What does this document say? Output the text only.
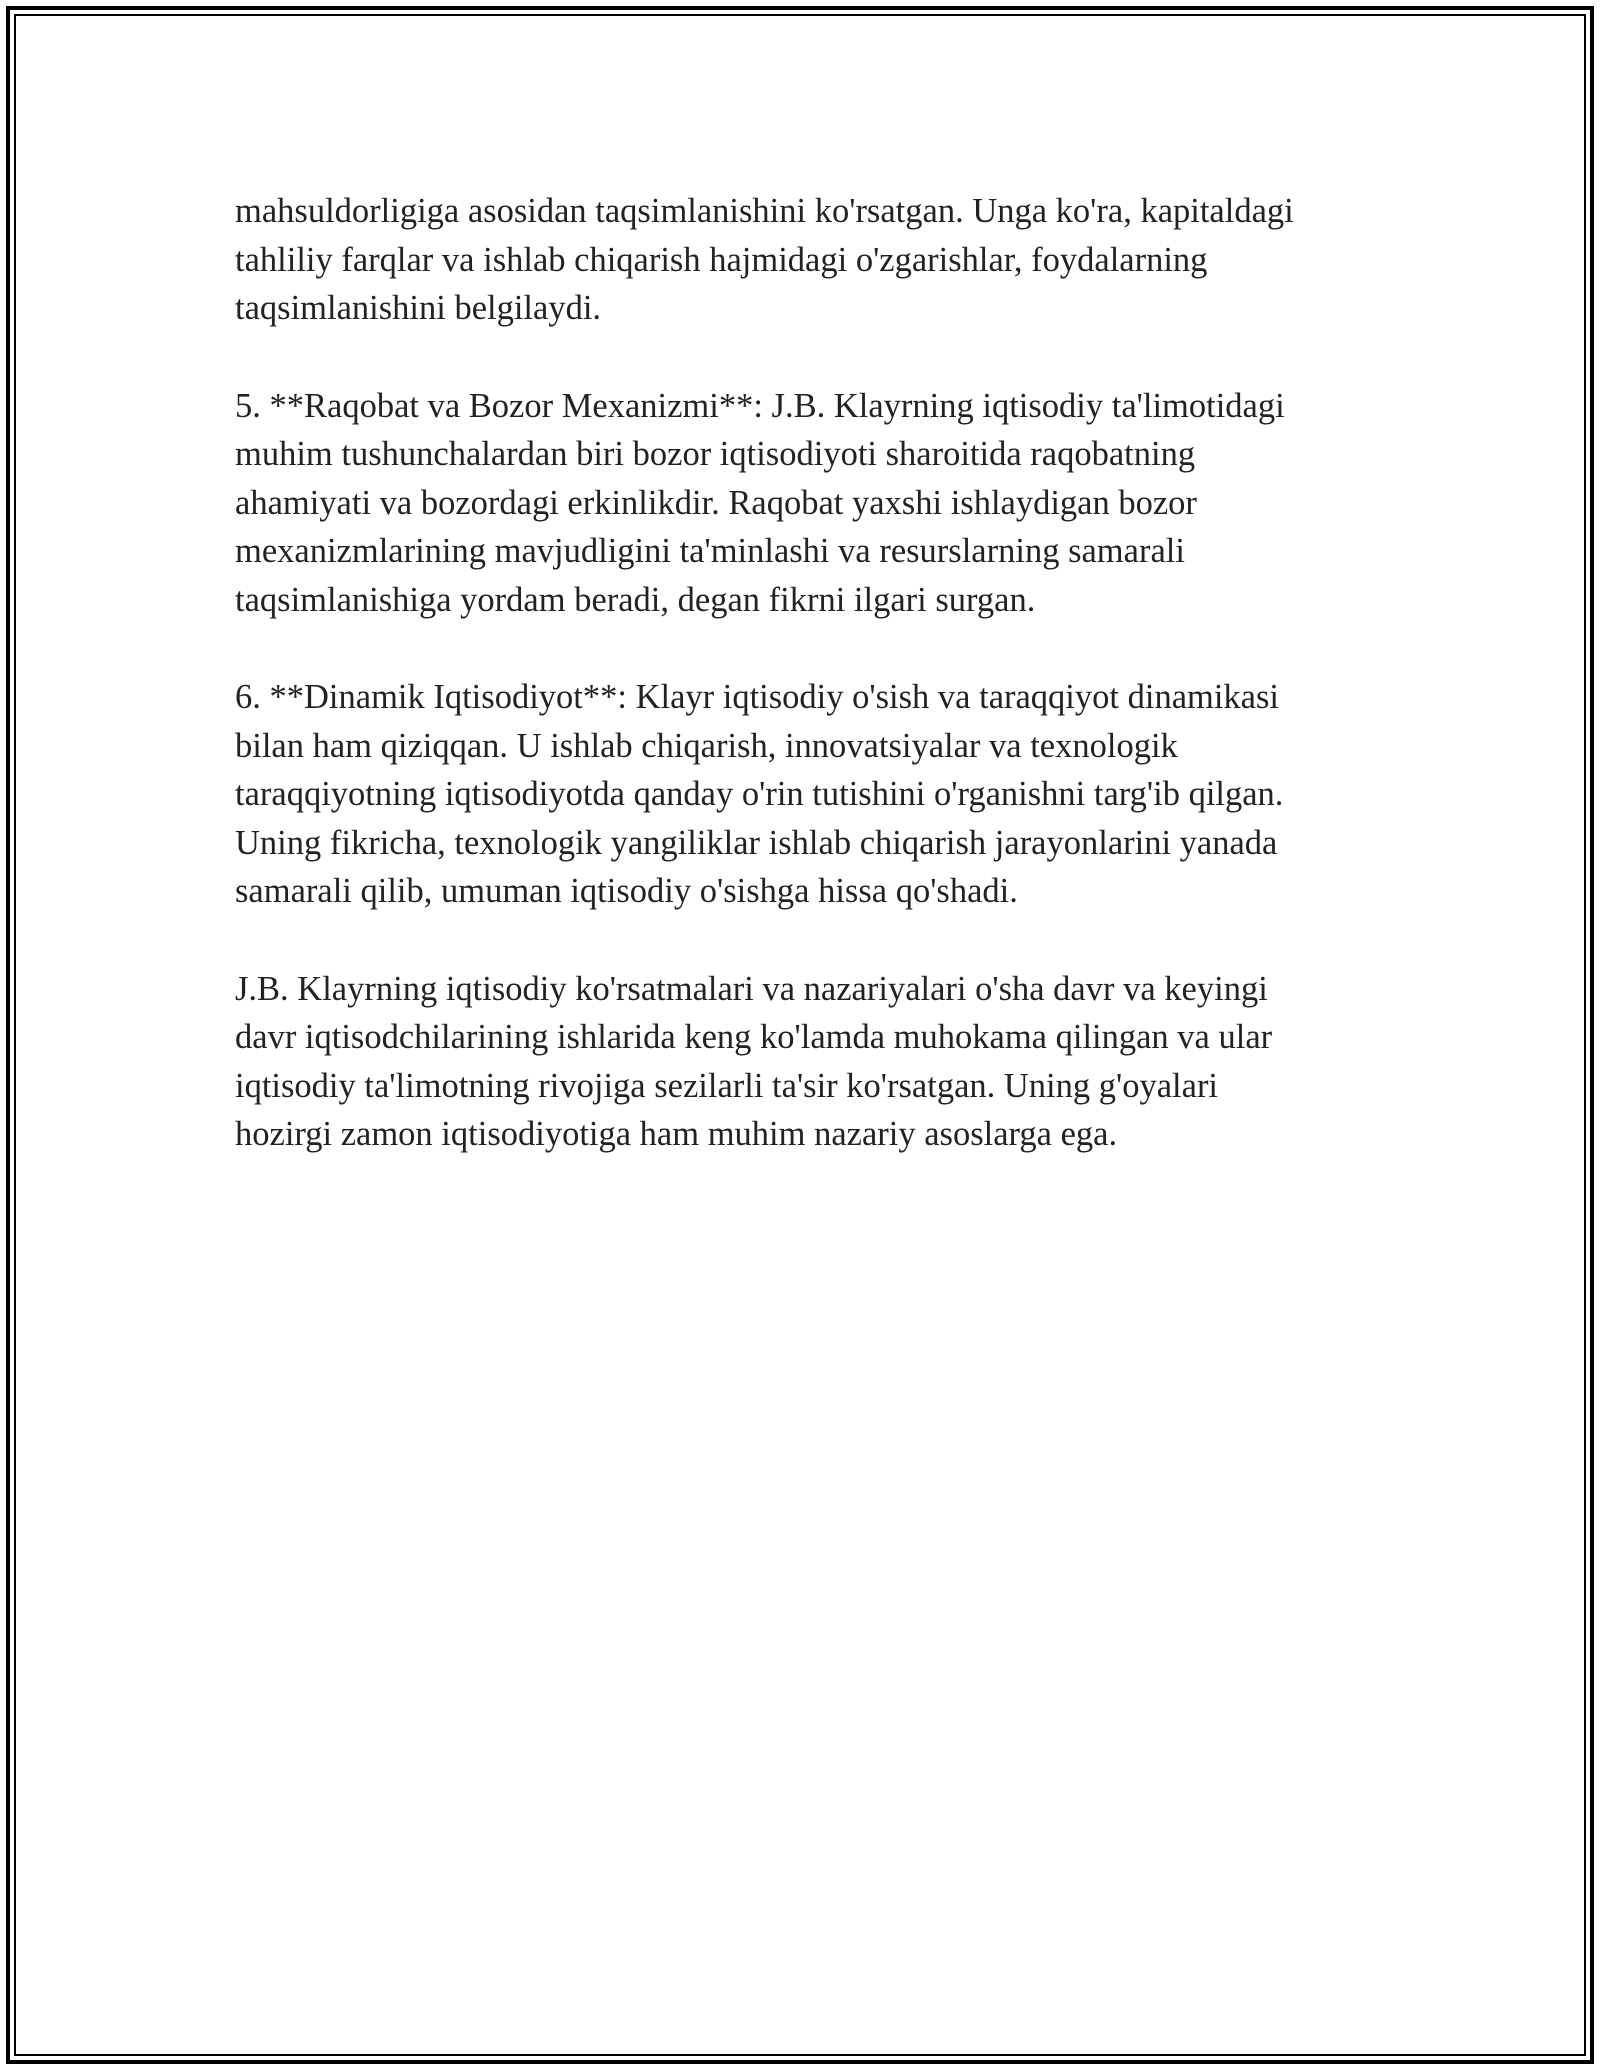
mahsuldorligiga asosidan taqsimlanishini ko'rsatgan. Unga ko'ra, kapitaldagi
tahliliy farqlar va ishlab chiqarish hajmidagi o'zgarishlar, foydalarning
taqsimlanishini belgilaydi.

5. **Raqobat va Bozor Mexanizmi**: J.B. Klayrning iqtisodiy ta'limotidagi
muhim tushunchalardan biri bozor iqtisodiyoti sharoitida raqobatning
ahamiyati va bozordagi erkinlikdir. Raqobat yaxshi ishlaydigan bozor
mexanizmlarining mavjudligini ta'minlashi va resurslarning samarali
taqsimlanishiga yordam beradi, degan fikrni ilgari surgan.

6. **Dinamik Iqtisodiyot**: Klayr iqtisodiy o'sish va taraqqiyot dinamikasi
bilan ham qiziqqan. U ishlab chiqarish, innovatsiyalar va texnologik
taraqqiyotning iqtisodiyotda qanday o'rin tutishini o'rganishni targ'ib qilgan.
Uning fikricha, texnologik yangiliklar ishlab chiqarish jarayonlarini yanada
samarali qilib, umuman iqtisodiy o'sishga hissa qo'shadi.

J.B. Klayrning iqtisodiy ko'rsatmalari va nazariyalari o'sha davr va keyingi
davr iqtisodchilarining ishlarida keng ko'lamda muhokama qilingan va ular
iqtisodiy ta'limotning rivojiga sezilarli ta'sir ko'rsatgan. Uning g'oyalari
hozirgi zamon iqtisodiyotiga ham muhim nazariy asoslarga ega.
